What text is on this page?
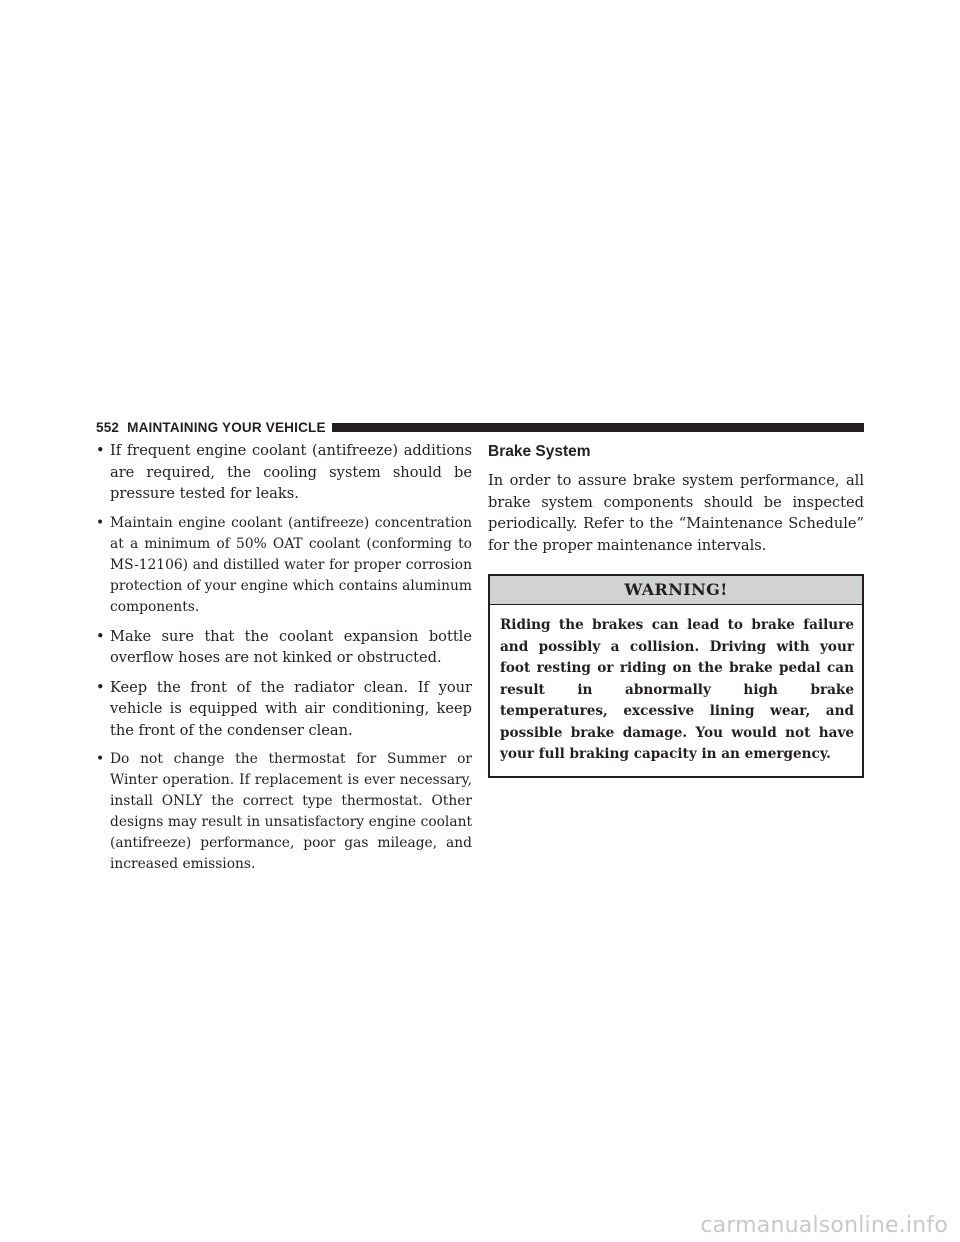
552 MAINTAINING YOUR VEHICLE
• If frequent engine coolant (antifreeze) additions are required, the cooling system should be pressure tested for leaks.
• Maintain engine coolant (antifreeze) concentration at a minimum of 50% OAT coolant (conforming to MS-12106) and distilled water for proper corrosion protection of your engine which contains aluminum components.
• Make sure that the coolant expansion bottle overflow hoses are not kinked or obstructed.
• Keep the front of the radiator clean. If your vehicle is equipped with air conditioning, keep the front of the condenser clean.
• Do not change the thermostat for Summer or Winter operation. If replacement is ever necessary, install ONLY the correct type thermostat. Other designs may result in unsatisfactory engine coolant (antifreeze) performance, poor gas mileage, and increased emissions.
Brake System

In order to assure brake system performance, all brake system components should be inspected periodically. Refer to the “Maintenance Schedule” for the proper maintenance intervals.

WARNING!
Riding the brakes can lead to brake failure and possibly a collision. Driving with your foot resting or riding on the brake pedal can result in abnormally high brake temperatures, excessive lining wear, and possible brake damage. You would not have your full braking capacity in an emergency.
carmanualsonline.info
